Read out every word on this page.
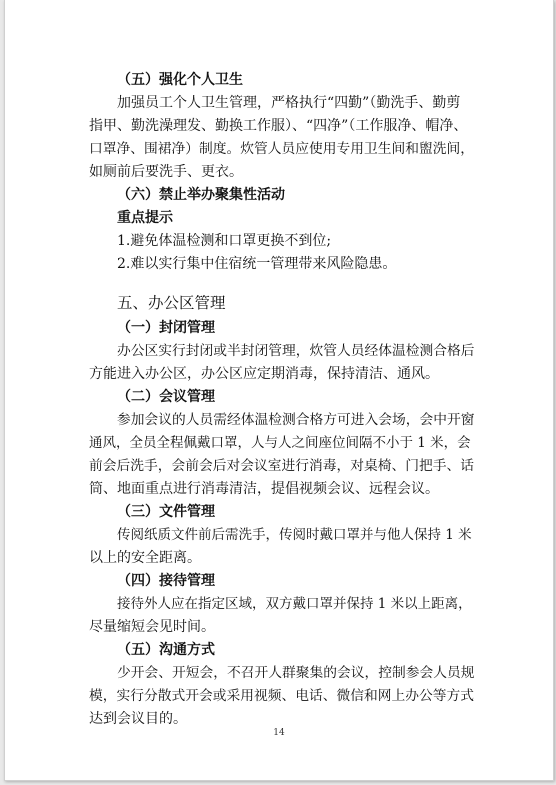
（五）强化个人卫生
加强员工个人卫生管理，严格执行“四勤”（勤洗手、勤剪
指甲、勤洗澡理发、勤换工作服）、“四净”（工作服净、帽净、
口罩净、围裙净）制度。炊管人员应使用专用卫生间和盥洗间，
如厕前后要洗手、更衣。
（六）禁止举办聚集性活动
重点提示
1.避免体温检测和口罩更换不到位;
2.难以实行集中住宿统一管理带来风险隐患。
五、办公区管理
（一）封闭管理
办公区实行封闭或半封闭管理，炊管人员经体温检测合格后
方能进入办公区，办公区应定期消毒，保持清洁、通风。
（二）会议管理
参加会议的人员需经体温检测合格方可进入会场，会中开窗
通风，全员全程佩戴口罩，人与人之间座位间隔不小于 1 米，会
前会后洗手，会前会后对会议室进行消毒，对桌椅、门把手、话
筒、地面重点进行消毒清洁，提倡视频会议、远程会议。
（三）文件管理
传阅纸质文件前后需洗手，传阅时戴口罩并与他人保持 1 米
以上的安全距离。
（四）接待管理
接待外人应在指定区域，双方戴口罩并保持 1 米以上距离，
尽量缩短会见时间。
（五）沟通方式
少开会、开短会，不召开人群聚集的会议，控制参会人员规
模，实行分散式开会或采用视频、电话、微信和网上办公等方式
达到会议目的。
14
